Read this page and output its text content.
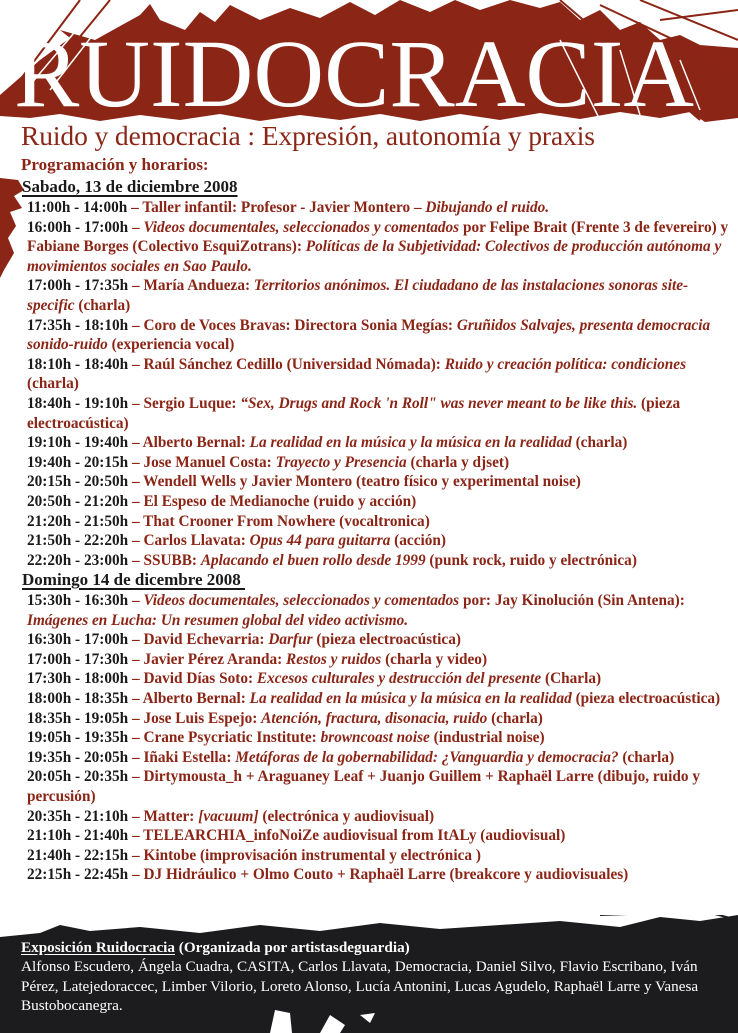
RUIDOCRACIA
Ruido y democracia : Expresión, autonomía y praxis
Programación y horarios:
Sabado, 13 de diciembre 2008

11:00h - 14:00h – Taller infantil: Profesor - Javier Montero – Dibujando el ruido.

16:00h - 17:00h – Videos documentales, seleccionados y comentados por Felipe Brait (Frente 3 de fevereiro) y Fabiane Borges (Colectivo EsquiZotrans): Políticas de la Subjetividad: Colectivos de producción autónoma y movimientos sociales en Sao Paulo.

17:00h - 17:35h – María Andueza: Territorios anónimos. El ciudadano de las instalaciones sonoras site-specific (charla)

17:35h - 18:10h – Coro de Voces Bravas: Directora Sonia Megías: Gruñidos Salvajes, presenta democracia sonido-ruido (experiencia vocal)

18:10h - 18:40h – Raúl Sánchez Cedillo (Universidad Nómada): Ruido y creación política: condiciones (charla)

18:40h - 19:10h – Sergio Luque: “Sex, Drugs and Rock 'n Roll" was never meant to be like this. (pieza electroacústica)

19:10h - 19:40h – Alberto Bernal: La realidad en la música y la música en la realidad (charla)

19:40h - 20:15h – Jose Manuel Costa: Trayecto y Presencia (charla y djset)

20:15h - 20:50h – Wendell Wells y Javier Montero (teatro físico y experimental noise)

20:50h - 21:20h – El Espeso de Medianoche (ruido y acción)

21:20h - 21:50h – That Crooner From Nowhere (vocaltronica)

21:50h - 22:20h – Carlos Llavata: Opus 44 para guitarra (acción)

22:20h - 23:00h – SSUBB: Aplacando el buen rollo desde 1999 (punk rock, ruido y electrónica)

Domingo 14 de dicembre 2008

15:30h - 16:30h – Videos documentales, seleccionados y comentados por: Jay Kinolución (Sin Antena): Imágenes en Lucha: Un resumen global del video activismo.

16:30h - 17:00h – David Echevarria: Darfur (pieza electroacústica)

17:00h - 17:30h – Javier Pérez Aranda: Restos y ruidos (charla y video)

17:30h - 18:00h – David Días Soto: Excesos culturales y destrucción del presente (Charla)

18:00h - 18:35h – Alberto Bernal: La realidad en la música y la música en la realidad (pieza electroacústica)

18:35h - 19:05h – Jose Luis Espejo: Atención, fractura, disonacia, ruido (charla)

19:05h - 19:35h – Crane Psycriatic Institute: browncoast noise (industrial noise)

19:35h - 20:05h – Iñaki Estella: Metáforas de la gobernabilidad: ¿Vanguardia y democracia? (charla)

20:05h - 20:35h – Dirtymousta_h + Araguaney Leaf + Juanjo Guillem + Raphaël Larre (dibujo, ruido y percusión)

20:35h - 21:10h – Matter: [vacuum] (electrónica y audiovisual)

21:10h - 21:40h – TELEARCHIA_infoNoiZe audiovisual from ItALy (audiovisual)

21:40h - 22:15h – Kintobe (improvisación instrumental y electrónica )

22:15h - 22:45h – DJ Hidráulico + Olmo Couto + Raphaël Larre (breakcore y audiovisuales)

Exposición Ruidocracia (Organizada por artistasdeguardia)
Alfonso Escudero, Ángela Cuadra, CASITA, Carlos Llavata, Democracia, Daniel Silvo, Flavio Escribano, Iván Pérez, Latejedoraccec, Limber Vilorio, Loreto Alonso, Lucía Antonini, Lucas Agudelo, Raphaël Larre y Vanesa Bustobocanegra.
